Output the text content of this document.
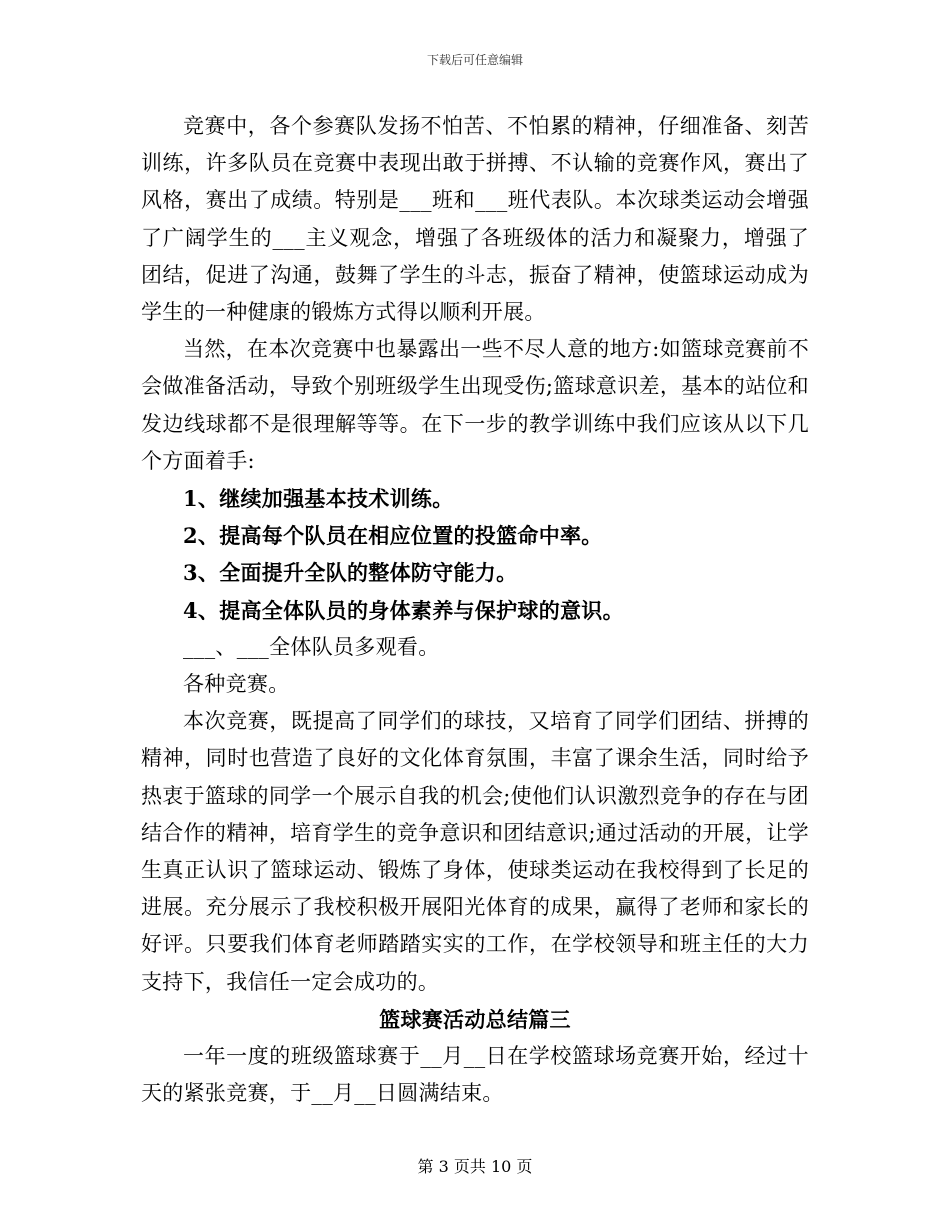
下载后可任意编辑

竞赛中，各个参赛队发扬不怕苦、不怕累的精神，仔细准备、刻苦训练，许多队员在竞赛中表现出敢于拼搏、不认输的竞赛作风，赛出了风格，赛出了成绩。特别是___班和___班代表队。本次球类运动会增强了广阔学生的___主义观念，增强了各班级体的活力和凝聚力，增强了团结，促进了沟通，鼓舞了学生的斗志，振奋了精神，使篮球运动成为学生的一种健康的锻炼方式得以顺利开展。

当然，在本次竞赛中也暴露出一些不尽人意的地方:如篮球竞赛前不会做准备活动，导致个别班级学生出现受伤;篮球意识差，基本的站位和发边线球都不是很理解等等。在下一步的教学训练中我们应该从以下几个方面着手:

1、继续加强基本技术训练。

2、提高每个队员在相应位置的投篮命中率。

3、全面提升全队的整体防守能力。

4、提高全体队员的身体素养与保护球的意识。

___、___全体队员多观看。

各种竞赛。

本次竞赛，既提高了同学们的球技，又培育了同学们团结、拼搏的精神，同时也营造了良好的文化体育氛围，丰富了课余生活，同时给予热衷于篮球的同学一个展示自我的机会;使他们认识激烈竞争的存在与团结合作的精神，培育学生的竞争意识和团结意识;通过活动的开展，让学生真正认识了篮球运动、锻炼了身体，使球类运动在我校得到了长足的进展。充分展示了我校积极开展阳光体育的成果，赢得了老师和家长的好评。只要我们体育老师踏踏实实的工作，在学校领导和班主任的大力支持下，我信任一定会成功的。

篮球赛活动总结篇三

一年一度的班级篮球赛于__月__日在学校篮球场竞赛开始，经过十天的紧张竞赛，于__月__日圆满结束。

第 3 页共 10 页
